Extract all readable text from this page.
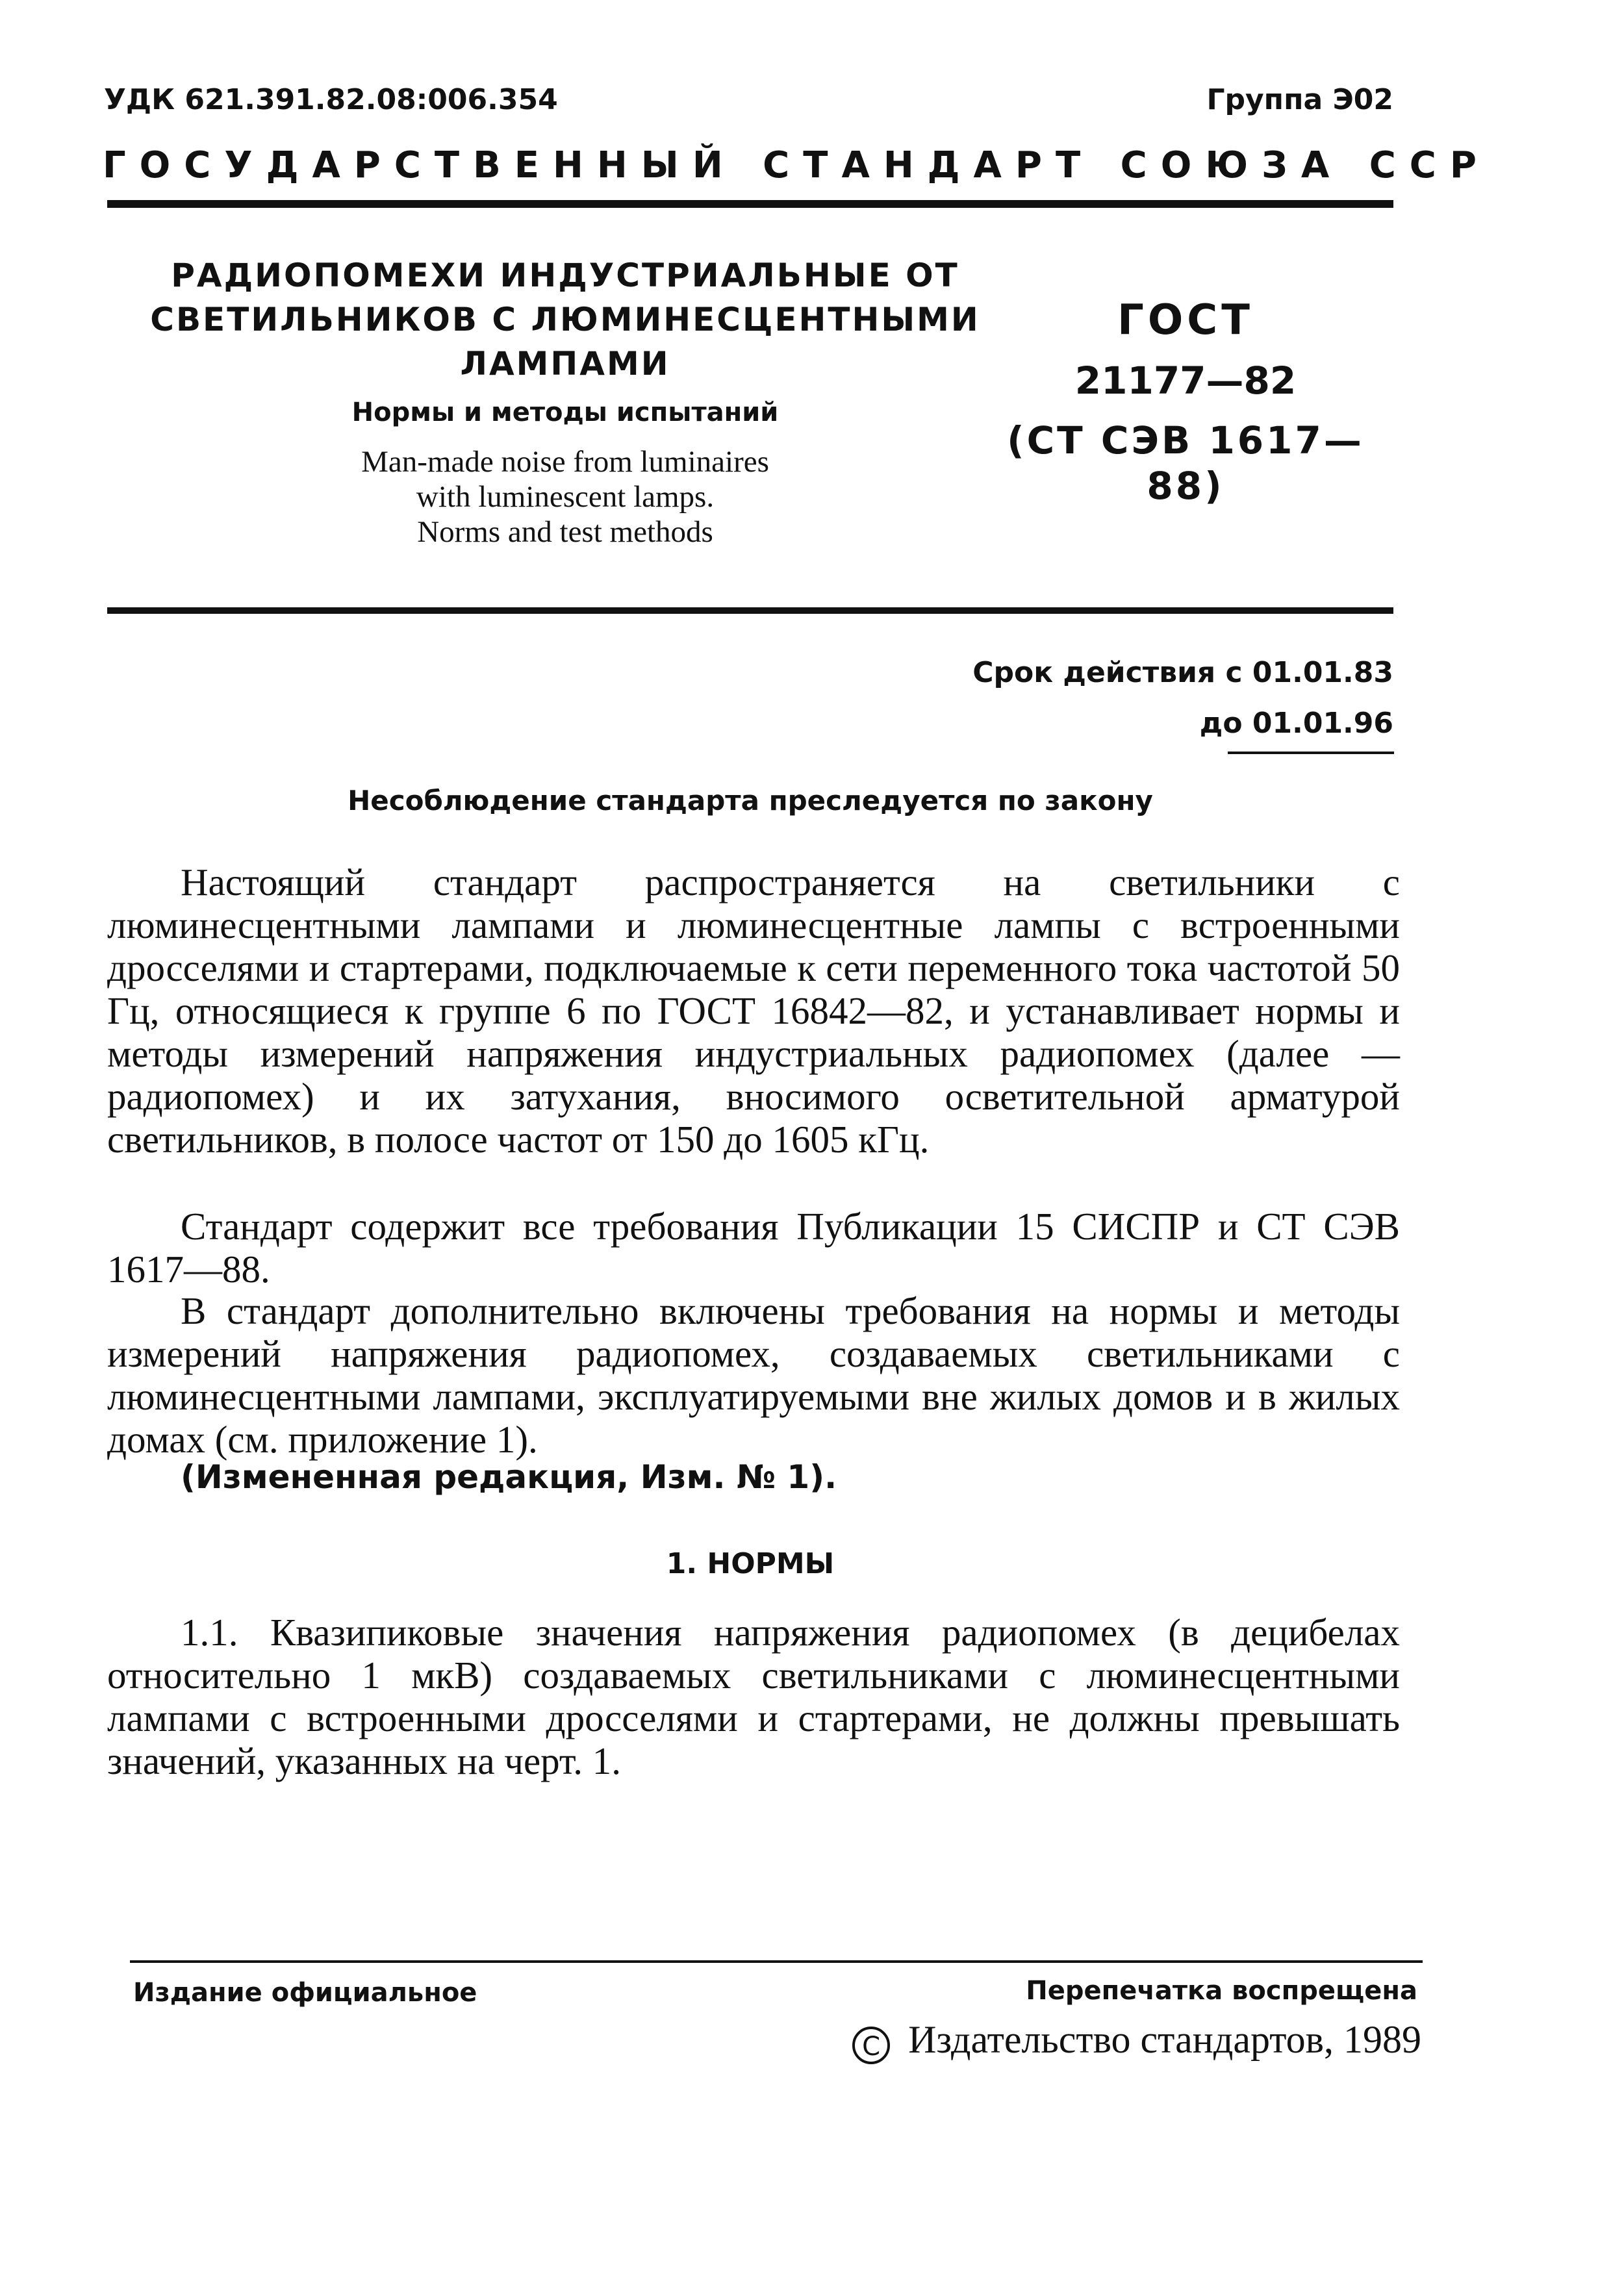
УДК 621.391.82.08:006.354	Группа Э02
ГОСУДАРСТВЕННЫЙ СТАНДАРТ СОЮЗА ССР
РАДИОПОМЕХИ ИНДУСТРИАЛЬНЫЕ ОТ СВЕТИЛЬНИКОВ С ЛЮМИНЕСЦЕНТНЫМИ ЛАМПАМИ
Нормы и методы испытаний
Man-made noise from luminaires
with luminescent lamps.
Norms and test methods
ГОСТ
21177—82
(СТ СЭВ 1617—88)
Срок действия с 01.01.83
до 01.01.96
Несоблюдение стандарта преследуется по закону
Настоящий стандарт распространяется на светильники с люминесцентными лампами и люминесцентные лампы с встроенными дросселями и стартерами, подключаемые к сети переменного тока частотой 50 Гц, относящиеся к группе 6 по ГОСТ 16842—82, и устанавливает нормы и методы измерений напряжения индустриальных радиопомех (далее — радиопомех) и их затухания, вносимого осветительной арматурой светильников, в полосе частот от 150 до 1605 кГц.
Стандарт содержит все требования Публикации 15 СИСПР и СТ СЭВ 1617—88.
В стандарт дополнительно включены требования на нормы и методы измерений напряжения радиопомех, создаваемых светильниками с люминесцентными лампами, эксплуатируемыми вне жилых домов и в жилых домах (см. приложение 1).
(Измененная редакция, Изм. № 1).
1. НОРМЫ
1.1. Квазипиковые значения напряжения радиопомех (в децибелах относительно 1 мкВ) создаваемых светильниками с люминесцентными лампами с встроенными дросселями и стартерами, не должны превышать значений, указанных на черт. 1.
Издание официальное	Перепечатка воспрещена
C Издательство стандартов, 1989
